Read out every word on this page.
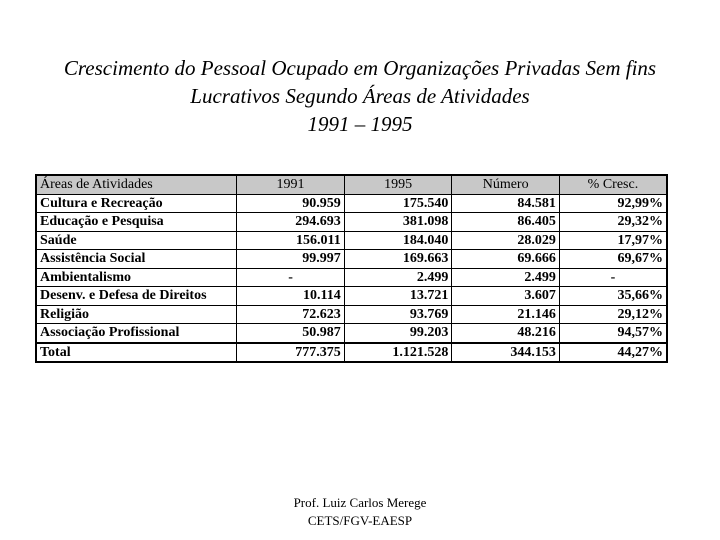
Crescimento do Pessoal Ocupado em Organizações Privadas Sem fins
Lucrativos Segundo Áreas de Atividades
1991 – 1995
Áreas de Atividades	1991	1995	Número	% Cresc.
Cultura e Recreação	90.959	175.540	84.581	92,99%
Educação e Pesquisa	294.693	381.098	86.405	29,32%
Saúde	156.011	184.040	28.029	17,97%
Assistência Social	99.997	169.663	69.666	69,67%
Ambientalismo	-	2.499	2.499	-
Desenv. e Defesa de Direitos	10.114	13.721	3.607	35,66%
Religião	72.623	93.769	21.146	29,12%
Associação Profissional	50.987	99.203	48.216	94,57%
Total	777.375	1.121.528	344.153	44,27%
Prof. Luiz Carlos Merege
CETS/FGV-EAESP
